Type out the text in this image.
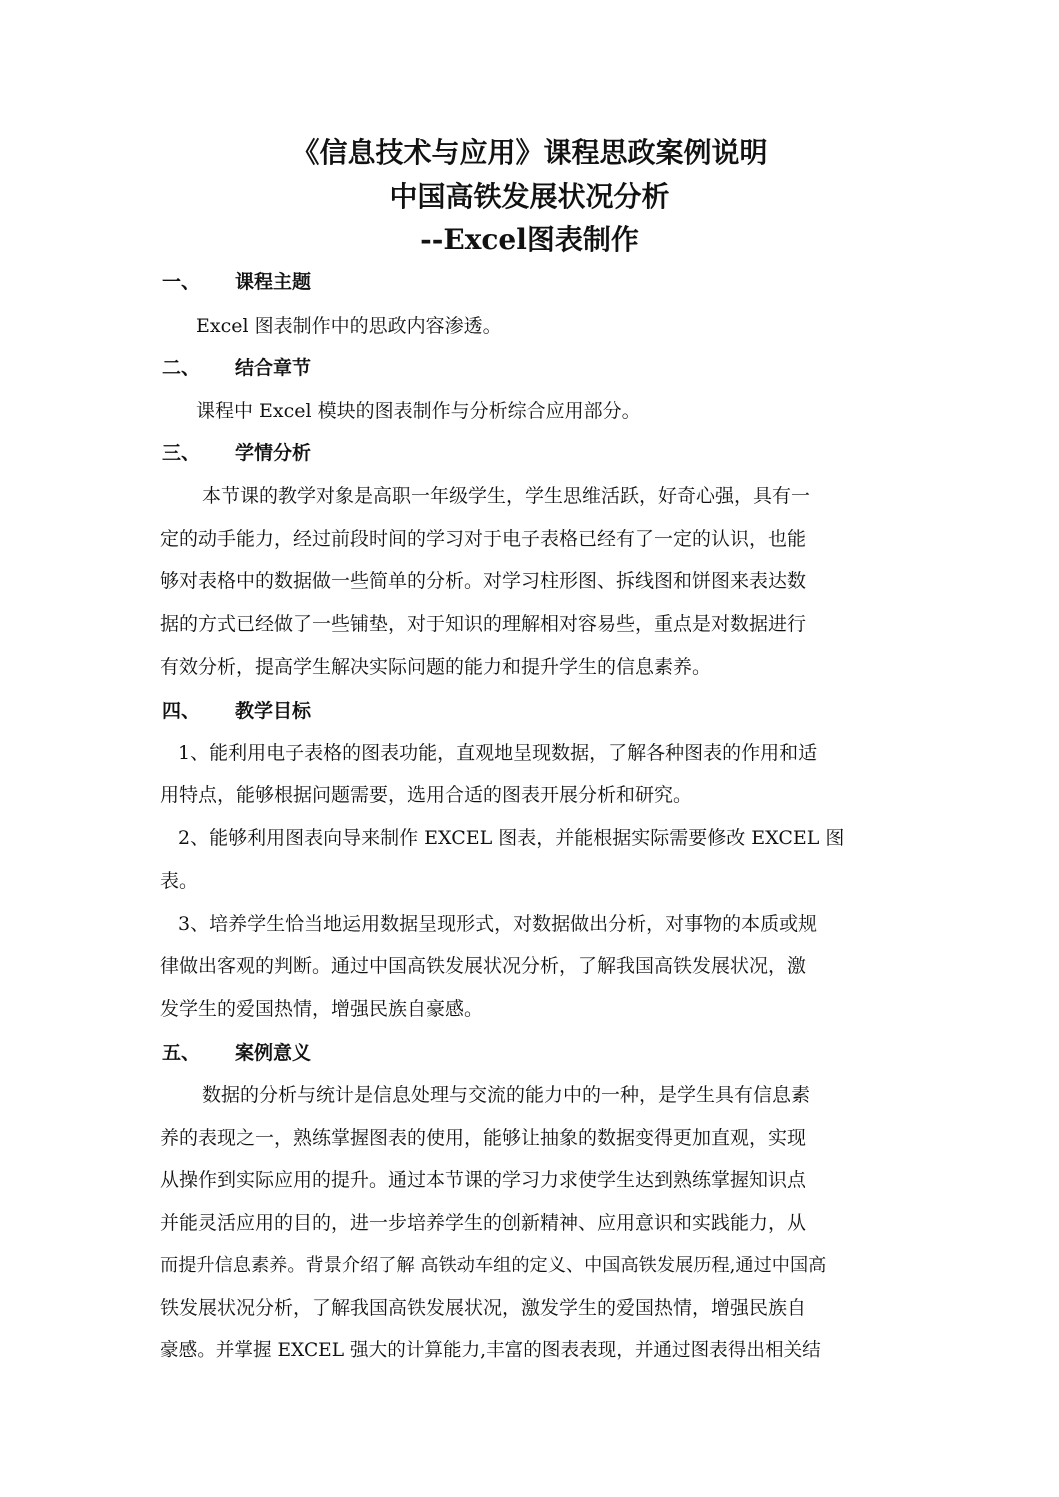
《信息技术与应用》课程思政案例说明
中国高铁发展状况分析
--Excel图表制作
一、 课程主题
Excel 图表制作中的思政内容渗透。
二、 结合章节
课程中 Excel 模块的图表制作与分析综合应用部分。
三、 学情分析
本节课的教学对象是高职一年级学生，学生思维活跃，好奇心强，具有一
定的动手能力，经过前段时间的学习对于电子表格已经有了一定的认识，也能
够对表格中的数据做一些简单的分析。对学习柱形图、拆线图和饼图来表达数
据的方式已经做了一些铺垫，对于知识的理解相对容易些，重点是对数据进行
有效分析，提高学生解决实际问题的能力和提升学生的信息素养。
四、 教学目标
1、能利用电子表格的图表功能，直观地呈现数据，了解各种图表的作用和适
用特点，能够根据问题需要，选用合适的图表开展分析和研究。
2、能够利用图表向导来制作 EXCEL 图表，并能根据实际需要修改 EXCEL 图
表。
3、培养学生恰当地运用数据呈现形式，对数据做出分析，对事物的本质或规
律做出客观的判断。通过中国高铁发展状况分析，了解我国高铁发展状况，激
发学生的爱国热情，增强民族自豪感。
五、 案例意义
数据的分析与统计是信息处理与交流的能力中的一种，是学生具有信息素
养的表现之一，熟练掌握图表的使用，能够让抽象的数据变得更加直观，实现
从操作到实际应用的提升。通过本节课的学习力求使学生达到熟练掌握知识点
并能灵活应用的目的，进一步培养学生的创新精神、应用意识和实践能力，从
而提升信息素养。背景介绍了解 高铁动车组的定义、中国高铁发展历程,通过中国高
铁发展状况分析，了解我国高铁发展状况，激发学生的爱国热情，增强民族自
豪感。并掌握 EXCEL 强大的计算能力,丰富的图表表现，并通过图表得出相关结
